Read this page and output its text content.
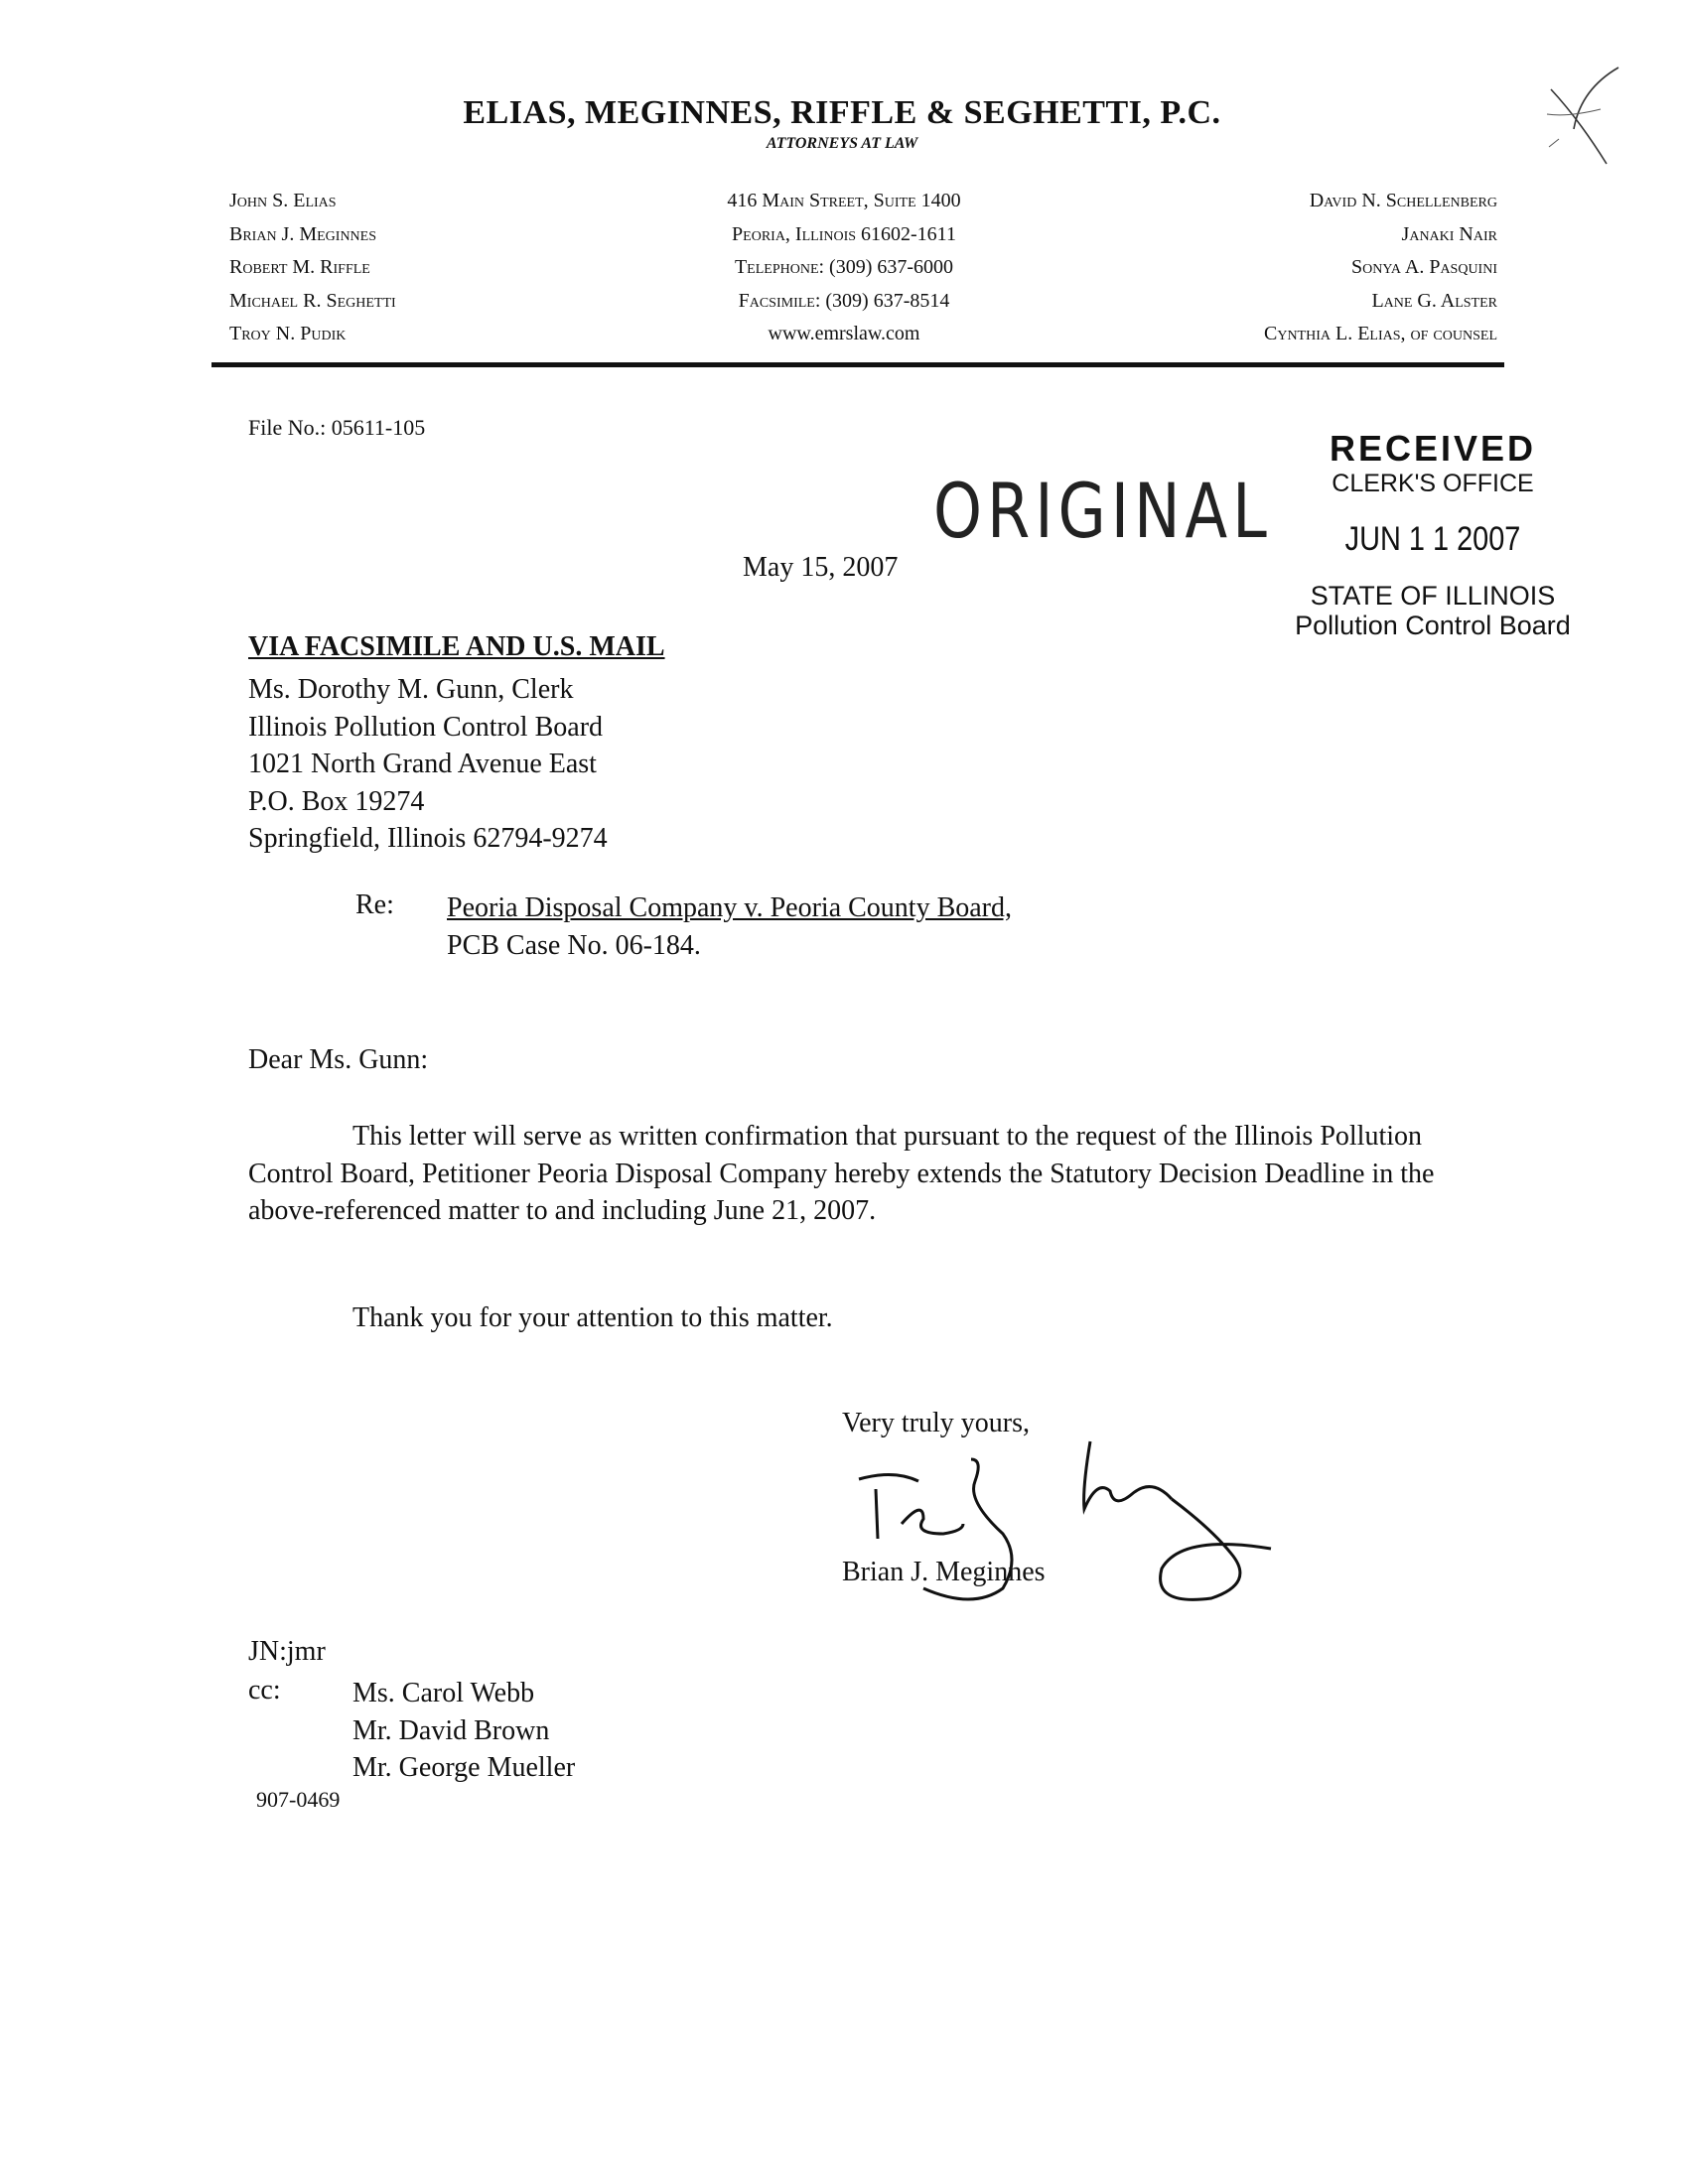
ELIAS, MEGINNES, RIFFLE & SEGHETTI, P.C.
ATTORNEYS AT LAW
John S. Elias
Brian J. Meginnes
Robert M. Riffle
Michael R. Seghetti
Troy N. Pudik
416 Main Street, Suite 1400
Peoria, Illinois 61602-1611
Telephone: (309) 637-6000
Facsimile: (309) 637-8514
www.emrslaw.com
David N. Schellenberg
Janaki Nair
Sonya A. Pasquini
Lane G. Alster
Cynthia L. Elias, of counsel
File No.: 05611-105
ORIGINAL
RECEIVED
CLERK'S OFFICE
JUN 1 1 2007
STATE OF ILLINOIS
Pollution Control Board
May 15, 2007
VIA FACSIMILE AND U.S. MAIL
Ms. Dorothy M. Gunn, Clerk
Illinois Pollution Control Board
1021 North Grand Avenue East
P.O. Box 19274
Springfield, Illinois 62794-9274
Re: Peoria Disposal Company v. Peoria County Board,
PCB Case No. 06-184.
Dear Ms. Gunn:
This letter will serve as written confirmation that pursuant to the request of the Illinois Pollution Control Board, Petitioner Peoria Disposal Company hereby extends the Statutory Decision Deadline in the above-referenced matter to and including June 21, 2007.
Thank you for your attention to this matter.
Very truly yours,
Brian J. Meginnes
JN:jmr
cc:	Ms. Carol Webb
Mr. David Brown
Mr. George Mueller
907-0469
